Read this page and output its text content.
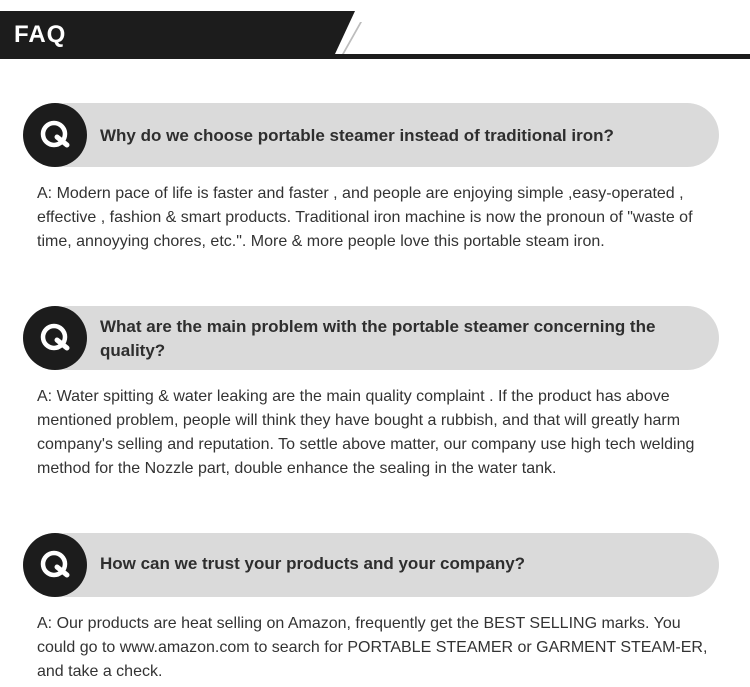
FAQ
Why do we choose portable steamer instead of traditional iron?

A: Modern pace of life is faster and faster , and people are enjoying simple ,easy-operated , effective , fashion & smart products. Traditional iron machine is now the pronoun of "waste of time, annoyying chores, etc.". More & more people love this portable steam iron.

What are the main problem with the portable steamer concerning the quality?

A: Water spitting & water leaking are the main quality complaint . If the product has above mentioned problem, people will think they have bought a rubbish, and that will greatly harm company's selling and reputation. To settle above matter, our company use high tech welding method for the Nozzle part, double enhance the sealing in the water tank.

How can we trust your products and your company?

A: Our products are heat selling on Amazon, frequently get the BEST SELLING marks. You could go to www.amazon.com to search for PORTABLE STEAMER or GARMENT STEAM-ER, and take a check.
